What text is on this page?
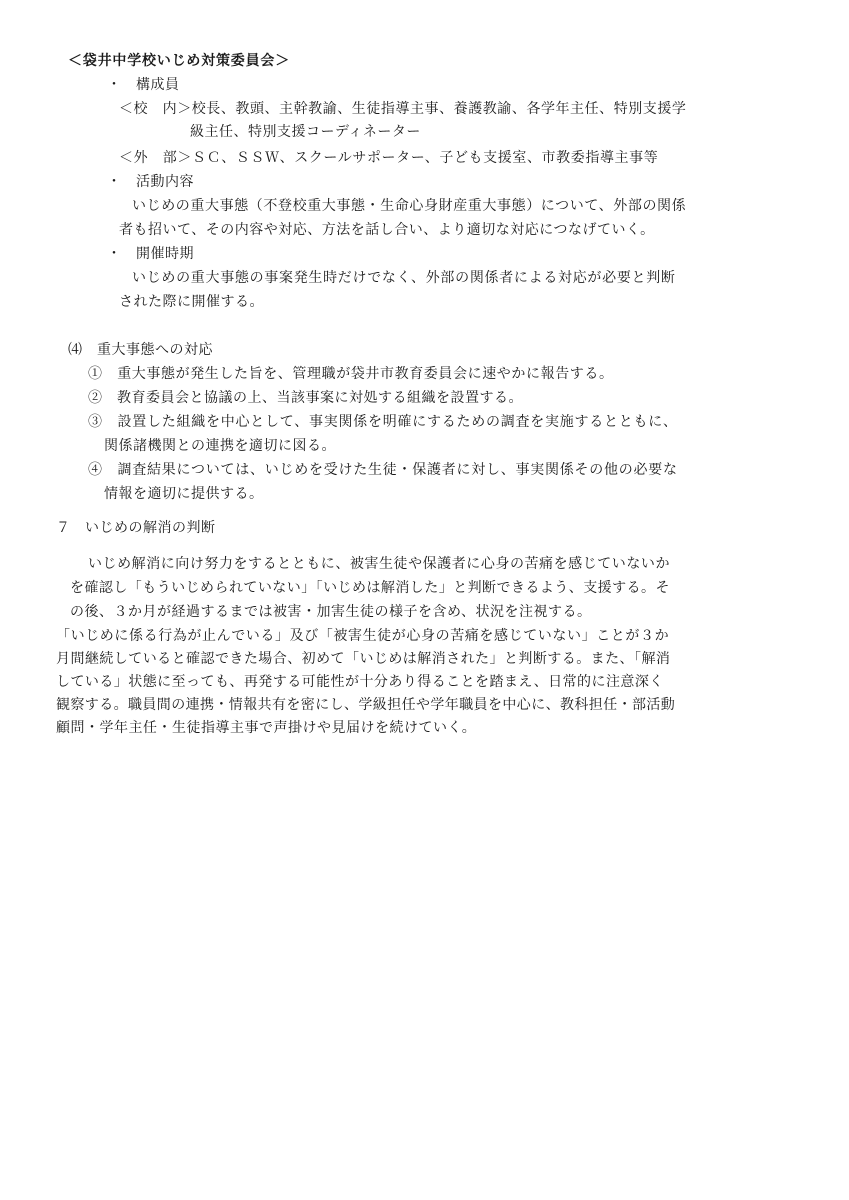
＜袋井中学校いじめ対策委員会＞
・　構成員
＜校　内＞校長、教頭、主幹教諭、生徒指導主事、養護教諭、各学年主任、特別支援学
級主任、特別支援コーディネーター
＜外　部＞ＳＣ、ＳＳＷ、スクールサポーター、子ども支援室、市教委指導主事等
・　活動内容
いじめの重大事態（不登校重大事態・生命心身財産重大事態）について、外部の関係
者も招いて、その内容や対応、方法を話し合い、より適切な対応につなげていく。
・　開催時期
いじめの重大事態の事案発生時だけでなく、外部の関係者による対応が必要と判断
された際に開催する。
⑷　重大事態への対応
①　重大事態が発生した旨を、管理職が袋井市教育委員会に速やかに報告する。
②　教育委員会と協議の上、当該事案に対処する組織を設置する。
③　設置した組織を中心として、事実関係を明確にするための調査を実施するとともに、
関係諸機関との連携を適切に図る。
④　調査結果については、いじめを受けた生徒・保護者に対し、事実関係その他の必要な
情報を適切に提供する。
７　いじめの解消の判断
いじめ解消に向け努力をするとともに、被害生徒や保護者に心身の苦痛を感じていないか
を確認し「もういじめられていない」「いじめは解消した」と判断できるよう、支援する。そ
の後、３か月が経過するまでは被害・加害生徒の様子を含め、状況を注視する。
「いじめに係る行為が止んでいる」及び「被害生徒が心身の苦痛を感じていない」ことが３か
月間継続していると確認できた場合、初めて「いじめは解消された」と判断する。また、「解消
している」状態に至っても、再発する可能性が十分あり得ることを踏まえ、日常的に注意深く
観察する。職員間の連携・情報共有を密にし、学級担任や学年職員を中心に、教科担任・部活動
顧問・学年主任・生徒指導主事で声掛けや見届けを続けていく。
